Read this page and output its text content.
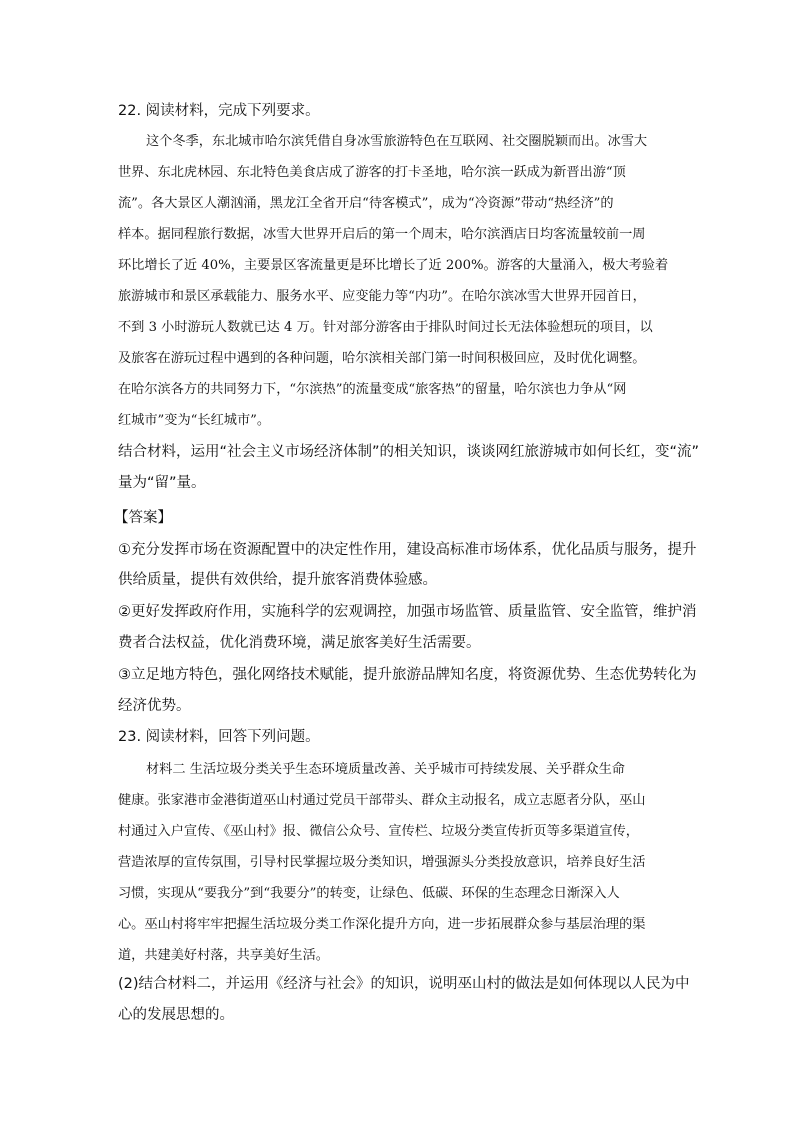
22. 阅读材料，完成下列要求。
这个冬季，东北城市哈尔滨凭借自身冰雪旅游特色在互联网、社交圈脱颖而出。冰雪大
世界、东北虎林园、东北特色美食店成了游客的打卡圣地，哈尔滨一跃成为新晋出游“顶
流”。各大景区人潮汹涌，黑龙江全省开启“待客模式”，成为“冷资源”带动“热经济”的
样本。据同程旅行数据，冰雪大世界开启后的第一个周末，哈尔滨酒店日均客流量较前一周
环比增长了近 40%，主要景区客流量更是环比增长了近 200%。游客的大量涌入，极大考验着
旅游城市和景区承载能力、服务水平、应变能力等“内功”。在哈尔滨冰雪大世界开园首日，
不到 3 小时游玩人数就已达 4 万。针对部分游客由于排队时间过长无法体验想玩的项目，以
及旅客在游玩过程中遇到的各种问题，哈尔滨相关部门第一时间积极回应，及时优化调整。
在哈尔滨各方的共同努力下，“尔滨热”的流量变成“旅客热”的留量，哈尔滨也力争从“网
红城市”变为“长红城市”。
结合材料，运用“社会主义市场经济体制”的相关知识，谈谈网红旅游城市如何长红，变“流”
量为“留”量。
【答案】
①充分发挥市场在资源配置中的决定性作用，建设高标准市场体系，优化品质与服务，提升
供给质量，提供有效供给，提升旅客消费体验感。
②更好发挥政府作用，实施科学的宏观调控，加强市场监管、质量监管、安全监管，维护消
费者合法权益，优化消费环境，满足旅客美好生活需要。
③立足地方特色，强化网络技术赋能，提升旅游品牌知名度，将资源优势、生态优势转化为
经济优势。
23. 阅读材料，回答下列问题。
材料二 生活垃圾分类关乎生态环境质量改善、关乎城市可持续发展、关乎群众生命
健康。张家港市金港街道巫山村通过党员干部带头、群众主动报名，成立志愿者分队，巫山
村通过入户宣传、《巫山村》报、微信公众号、宣传栏、垃圾分类宣传折页等多渠道宣传，
营造浓厚的宣传氛围，引导村民掌握垃圾分类知识，增强源头分类投放意识，培养良好生活
习惯，实现从“要我分”到“我要分”的转变，让绿色、低碳、环保的生态理念日渐深入人
心。巫山村将牢牢把握生活垃圾分类工作深化提升方向，进一步拓展群众参与基层治理的渠
道，共建美好村落，共享美好生活。
(2)结合材料二，并运用《经济与社会》的知识，说明巫山村的做法是如何体现以人民为中
心的发展思想的。
